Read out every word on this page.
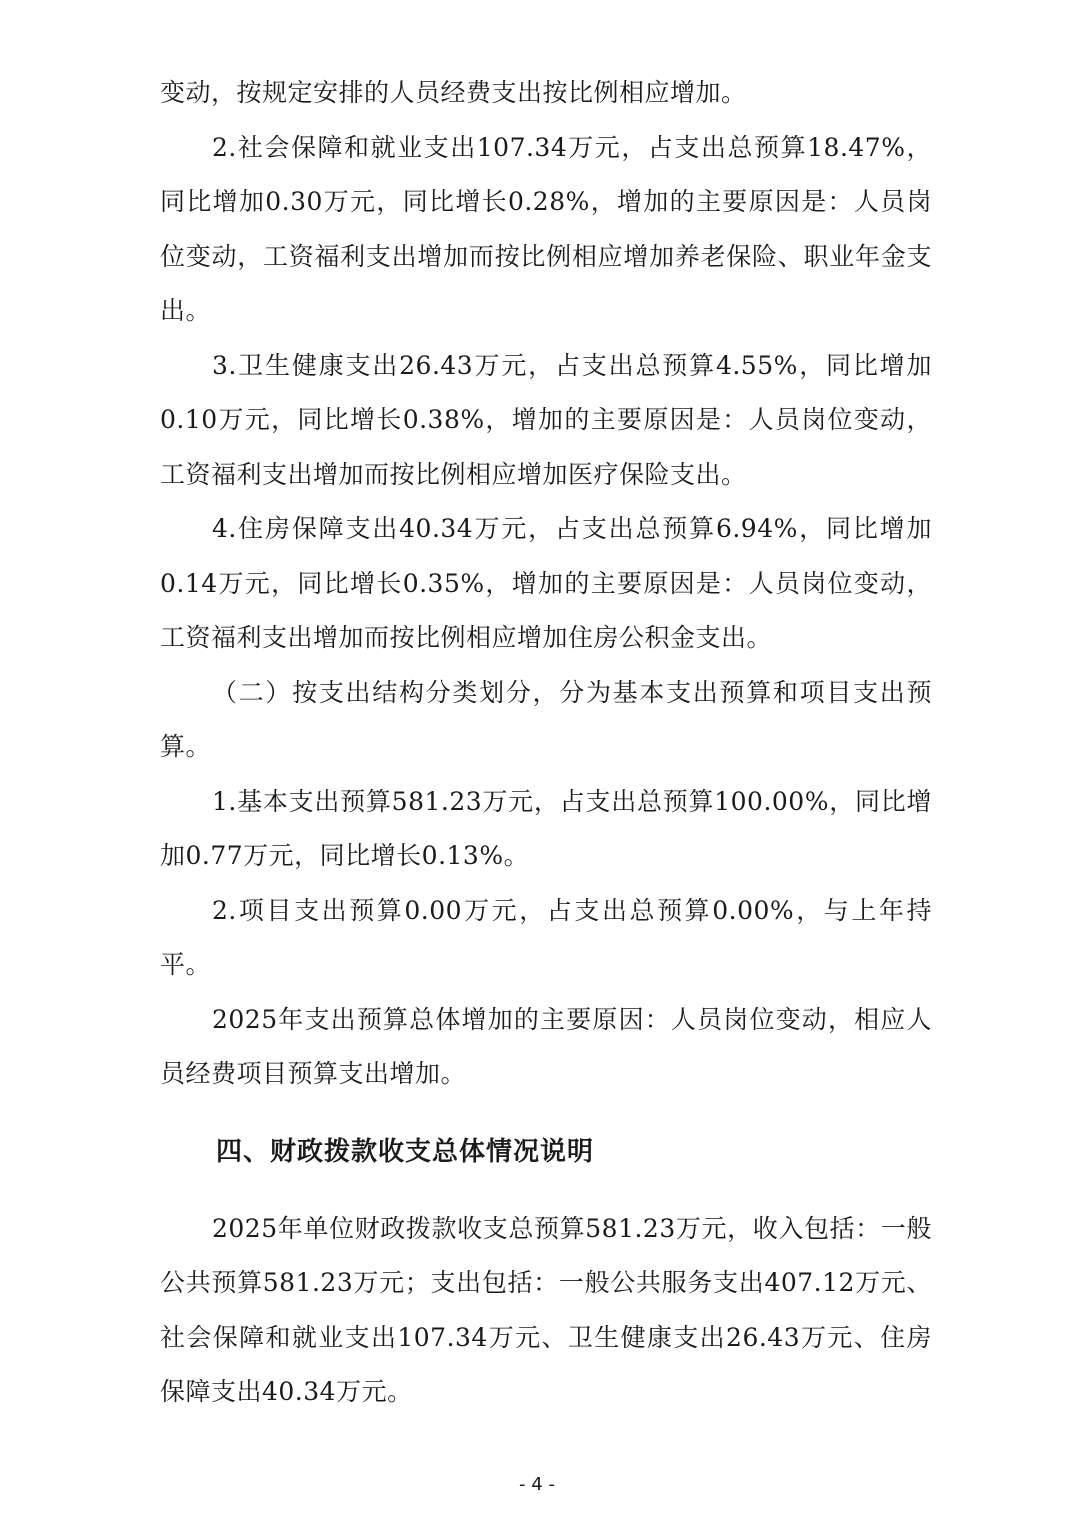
变动，按规定安排的人员经费支出按比例相应增加。

2.社会保障和就业支出107.34万元，占支出总预算18.47%，同比增加0.30万元，同比增长0.28%，增加的主要原因是：人员岗位变动，工资福利支出增加而按比例相应增加养老保险、职业年金支出。

3.卫生健康支出26.43万元，占支出总预算4.55%，同比增加0.10万元，同比增长0.38%，增加的主要原因是：人员岗位变动，工资福利支出增加而按比例相应增加医疗保险支出。

4.住房保障支出40.34万元，占支出总预算6.94%，同比增加0.14万元，同比增长0.35%，增加的主要原因是：人员岗位变动，工资福利支出增加而按比例相应增加住房公积金支出。

（二）按支出结构分类划分，分为基本支出预算和项目支出预算。

1.基本支出预算581.23万元，占支出总预算100.00%，同比增加0.77万元，同比增长0.13%。

2.项目支出预算0.00万元，占支出总预算0.00%，与上年持平。

2025年支出预算总体增加的主要原因：人员岗位变动，相应人员经费项目预算支出增加。

四、财政拨款收支总体情况说明

2025年单位财政拨款收支总预算581.23万元，收入包括：一般公共预算581.23万元；支出包括：一般公共服务支出407.12万元、社会保障和就业支出107.34万元、卫生健康支出26.43万元、住房保障支出40.34万元。

- 4 -
